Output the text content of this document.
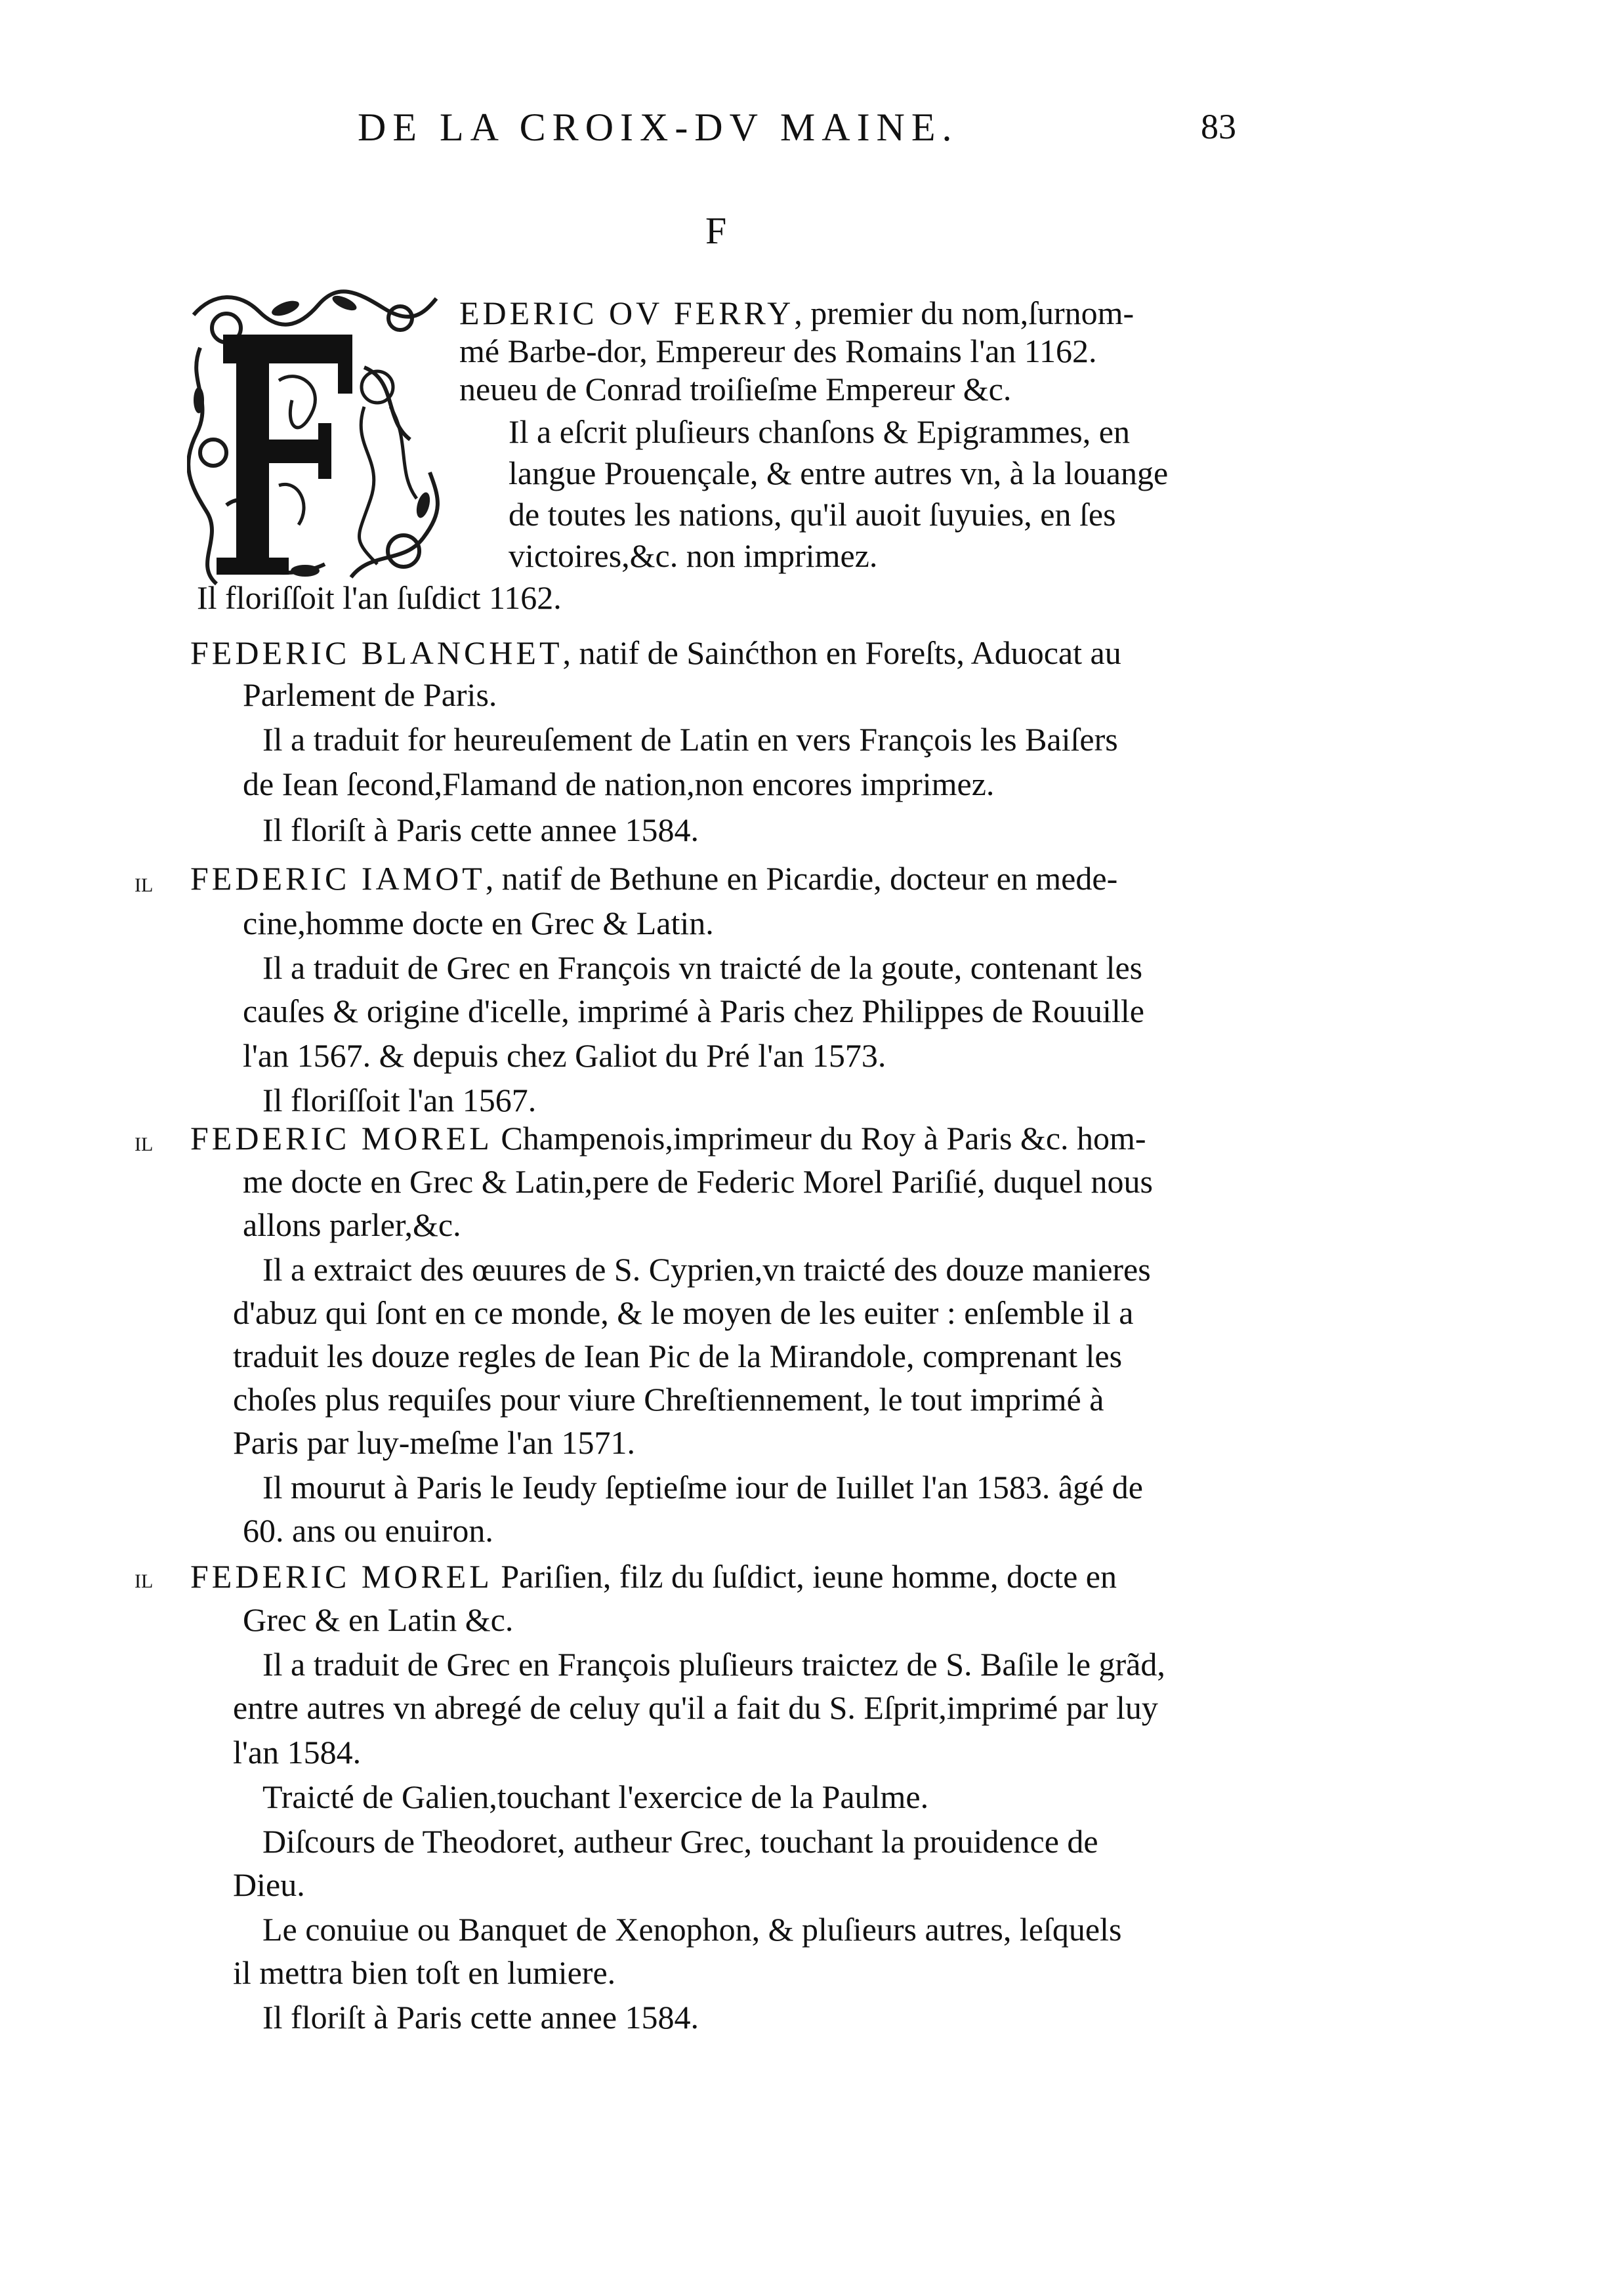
DE LA CROIX-DV MAINE.	83
F
EDERIC OV FERRY, premier du nom,ſurnom-
mé Barbe-dor, Empereur des Romains l'an 1162.
neueu de Conrad troiſieſme Empereur &c.
Il a eſcrit pluſieurs chanſons & Epigrammes, en
langue Prouençale, & entre autres vn, à la louange
de toutes les nations, qu'il auoit ſuyuies, en ſes
victoires,&c. non imprimez.
Il floriſſoit l'an ſuſdict 1162.
FEDERIC BLANCHET, natif de Sainćthon en Foreſts, Aduocat au
Parlement de Paris.
Il a traduit for heureuſement de Latin en vers François les Baiſers
de Iean ſecond,Flamand de nation,non encores imprimez.
Il floriſt à Paris cette annee 1584.
IL FEDERIC IAMOT, natif de Bethune en Picardie, docteur en mede-
cine,homme docte en Grec & Latin.
Il a traduit de Grec en François vn traicté de la goute, contenant les
cauſes & origine d'icelle, imprimé à Paris chez Philippes de Rouuille
l'an 1567. & depuis chez Galiot du Pré l'an 1573.
Il floriſſoit l'an 1567.
IL FEDERIC MOREL Champenois,imprimeur du Roy à Paris &c. hom-
me docte en Grec & Latin,pere de Federic Morel Pariſié, duquel nous
allons parler,&c.
Il a extraict des œuures de S. Cyprien,vn traicté des douze manieres
d'abuz qui ſont en ce monde, & le moyen de les euiter : enſemble il a
traduit les douze regles de Iean Pic de la Mirandole, comprenant les
choſes plus requiſes pour viure Chreſtiennement, le tout imprimé à
Paris par luy-meſme l'an 1571.
Il mourut à Paris le Ieudy ſeptieſme iour de Iuillet l'an 1583. âgé de
60. ans ou enuiron.
IL FEDERIC MOREL Pariſien, filz du ſuſdict, ieune homme, docte en
Grec & en Latin &c.
Il a traduit de Grec en François pluſieurs traictez de S. Baſile le grãd,
entre autres vn abregé de celuy qu'il a fait du S. Eſprit,imprimé par luy
l'an 1584.
Traicté de Galien,touchant l'exercice de la Paulme.
Diſcours de Theodoret, autheur Grec, touchant la prouidence de
Dieu.
Le conuiue ou Banquet de Xenophon, & pluſieurs autres, leſquels
il mettra bien toſt en lumiere.
Il floriſt à Paris cette annee 1584.
